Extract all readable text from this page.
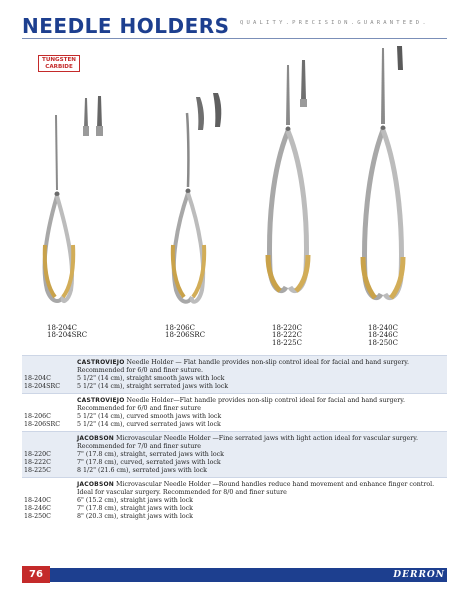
NEEDLE HOLDERS QUALITY.PRECISION.GUARANTEED.
TUNGSTEN
CARBIDE
18-204C
18-204SRC
18-206C
18-206SRC
18-220C
18-222C
18-225C
18-240C
18-246C
18-250C
CASTROVIEJO Needle Holder — Flat handle provides non-slip control ideal for facial and hand surgery. Recommended for 6/0 and finer suture.
18-204C	5 1/2" (14 cm), straight smooth jaws with lock
18-204SRC	5 1/2" (14 cm), straight serrated jaws with lock
CASTROVIEJO Needle Holder—Flat handle provides non-slip control ideal for facial and hand surgery. Recommended for 6/0 and finer suture
18-206C	5 1/2" (14 cm), curved smooth jaws with lock
18-206SRC	5 1/2" (14 cm), curved serrated jaws wit lock
JACOBSON Microvascular Needle Holder —Fine serrated jaws with light action ideal for vascular surgery. Recommended for 7/0 and finer suture
18-220C	7" (17.8 cm), straight, serrated jaws with lock
18-222C	7" (17.8 cm), curved, serrated jaws with lock
18-225C	8 1/2" (21.6 cm), serrated jaws with lock
JACOBSON Microvascular Needle Holder —Round handles reduce hand movement and enhance finger control. Ideal for vascular surgery. Recommended for 8/0 and finer suture
18-240C	6" (15.2 cm), straight jaws with lock
18-246C	7" (17.8 cm), straight jaws with lock
18-250C	8" (20.3 cm), straight jaws with lock
76	DERRON
